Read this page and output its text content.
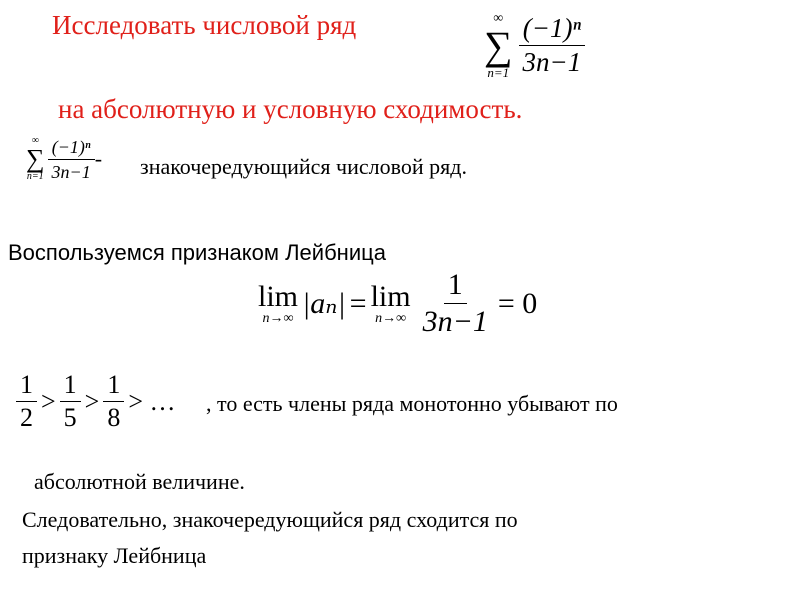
Исследовать числовой ряд	∞
∑
$n=1 \frac{\text{(−1)ⁿ}}{3n-1}$
на абсолютную и условную сходимость.
∞
∑
$n=1 \frac{\text{(−1)ⁿ}}{3n-1}$ - знакочередующийся числовой ряд.
Воспользуемся признаком Лейбница
lim
n→∞ |aₙ| = lim
$n\to\infty \frac{1}{3n-1} = 0$
$\frac{1}{2} > \frac{1}{5} > \frac{1}{8}$ > … , то есть члены ряда монотонно убывают по
абсолютной величине.
Следовательно, знакочередующийся ряд сходится по
признаку Лейбница
